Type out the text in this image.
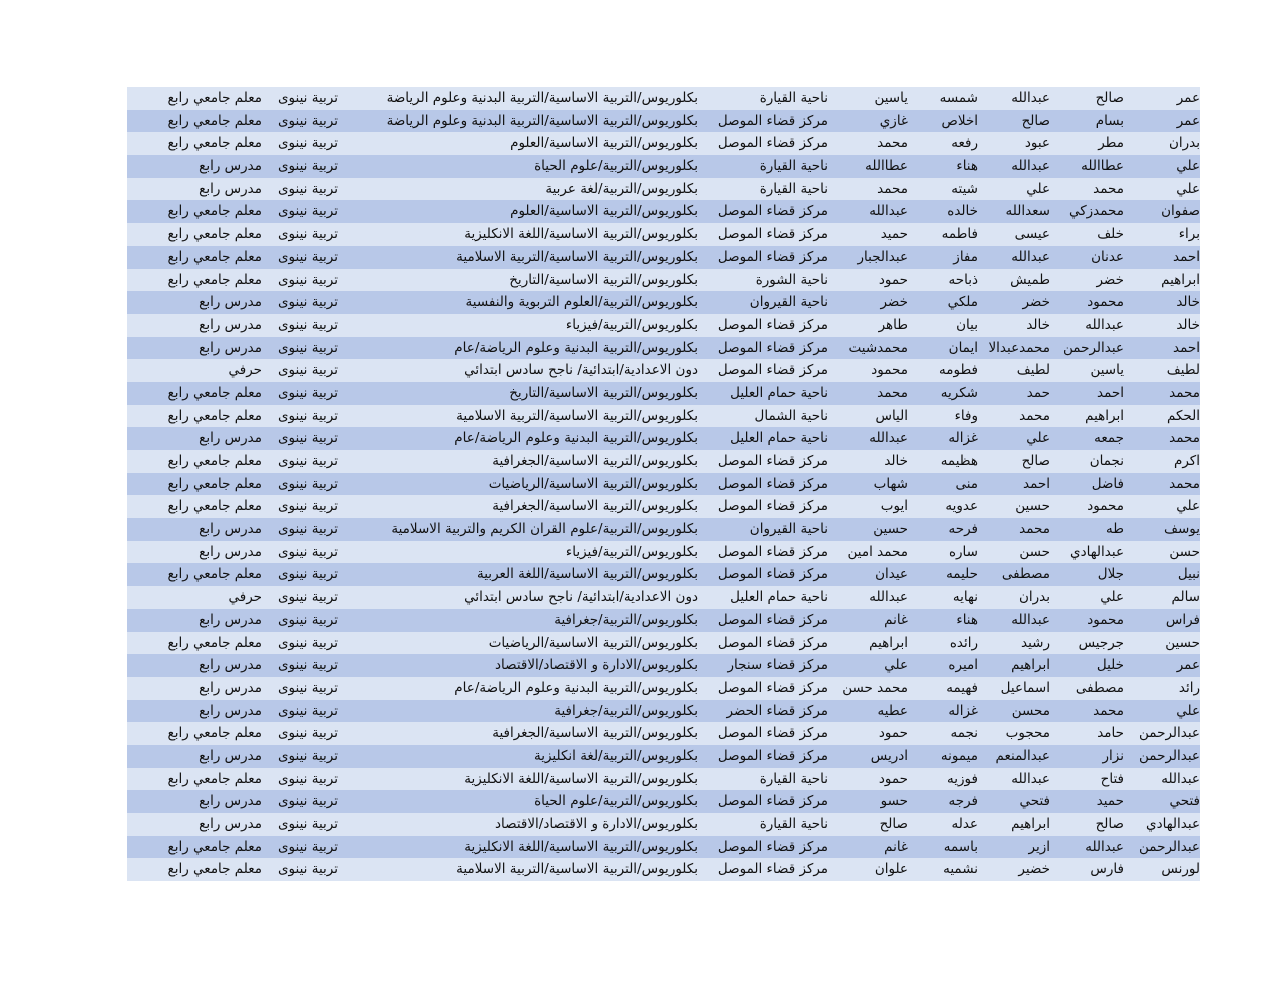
عمر
صالح
عبدالله
شمسه
ياسين
ناحية القيارة
بكلوريوس/التربية الاساسية/التربية البدنية وعلوم الرياضة
تربية نينوى
معلم جامعي رابع
عمر
بسام
صالح
اخلاص
غازي
مركز قضاء الموصل
بكلوريوس/التربية الاساسية/التربية البدنية وعلوم الرياضة
تربية نينوى
معلم جامعي رابع
بدران
مطر
عبود
رفعه
محمد
مركز قضاء الموصل
بكلوريوس/التربية الاساسية/العلوم
تربية نينوى
معلم جامعي رابع
علي
عطاالله
عبدالله
هناء
عطاالله
ناحية القيارة
بكلوريوس/التربية/علوم الحياة
تربية نينوى
مدرس رابع
علي
محمد
علي
شيته
محمد
ناحية القيارة
بكلوريوس/التربية/لغة عربية
تربية نينوى
مدرس رابع
صفوان
محمدزكي
سعدالله
خالده
عبدالله
مركز قضاء الموصل
بكلوريوس/التربية الاساسية/العلوم
تربية نينوى
معلم جامعي رابع
براء
خلف
عيسى
فاطمه
حميد
مركز قضاء الموصل
بكلوريوس/التربية الاساسية/اللغة الانكليزية
تربية نينوى
معلم جامعي رابع
احمد
عدنان
عبدالله
مفاز
عبدالجبار
مركز قضاء الموصل
بكلوريوس/التربية الاساسية/التربية الاسلامية
تربية نينوى
معلم جامعي رابع
ابراهيم
خضر
طميش
ذباحه
حمود
ناحية الشورة
بكلوريوس/التربية الاساسية/التاريخ
تربية نينوى
معلم جامعي رابع
خالد
محمود
خضر
ملكي
خضر
ناحية القيروان
بكلوريوس/التربية/العلوم التربوية والنفسية
تربية نينوى
مدرس رابع
خالد
عبدالله
خالد
بيان
طاهر
مركز قضاء الموصل
بكلوريوس/التربية/فيزياء
تربية نينوى
مدرس رابع
احمد
عبدالرحمن
محمدعبدالا
ايمان
محمدشيت
مركز قضاء الموصل
بكلوريوس/التربية البدنية وعلوم الرياضة/عام
تربية نينوى
مدرس رابع
لطيف
ياسين
لطيف
فطومه
محمود
مركز قضاء الموصل
دون الاعدادية/ابتدائية/ ناجح سادس ابتدائي
تربية نينوى
حرفي
محمد
احمد
حمد
شكريه
محمد
ناحية حمام العليل
بكلوريوس/التربية الاساسية/التاريخ
تربية نينوى
معلم جامعي رابع
الحكم
ابراهيم
محمد
وفاء
الياس
ناحية الشمال
بكلوريوس/التربية الاساسية/التربية الاسلامية
تربية نينوى
معلم جامعي رابع
محمد
جمعه
علي
غزاله
عبدالله
ناحية حمام العليل
بكلوريوس/التربية البدنية وعلوم الرياضة/عام
تربية نينوى
مدرس رابع
اكرم
نجمان
صالح
هظيمه
خالد
مركز قضاء الموصل
بكلوريوس/التربية الاساسية/الجغرافية
تربية نينوى
معلم جامعي رابع
محمد
فاضل
احمد
منى
شهاب
مركز قضاء الموصل
بكلوريوس/التربية الاساسية/الرياضيات
تربية نينوى
معلم جامعي رابع
علي
محمود
حسين
عدويه
ايوب
مركز قضاء الموصل
بكلوريوس/التربية الاساسية/الجغرافية
تربية نينوى
معلم جامعي رابع
يوسف
طه
محمد
فرحه
حسين
ناحية القيروان
بكلوريوس/التربية/علوم القران الكريم والتربية الاسلامية
تربية نينوى
مدرس رابع
حسن
عبدالهادي
حسن
ساره
محمد امين
مركز قضاء الموصل
بكلوريوس/التربية/فيزياء
تربية نينوى
مدرس رابع
نبيل
جلال
مصطفى
حليمه
عيدان
مركز قضاء الموصل
بكلوريوس/التربية الاساسية/اللغة العربية
تربية نينوى
معلم جامعي رابع
سالم
علي
بدران
نهايه
عبدالله
ناحية حمام العليل
دون الاعدادية/ابتدائية/ ناجح سادس ابتدائي
تربية نينوى
حرفي
فراس
محمود
عبدالله
هناء
غانم
مركز قضاء الموصل
بكلوريوس/التربية/جغرافية
تربية نينوى
مدرس رابع
حسين
جرجيس
رشيد
رائده
ابراهيم
مركز قضاء الموصل
بكلوريوس/التربية الاساسية/الرياضيات
تربية نينوى
معلم جامعي رابع
عمر
خليل
ابراهيم
اميره
علي
مركز قضاء سنجار
بكلوريوس/الادارة و الاقتصاد/الاقتصاد
تربية نينوى
مدرس رابع
رائد
مصطفى
اسماعيل
فهيمه
محمد حسن
مركز قضاء الموصل
بكلوريوس/التربية البدنية وعلوم الرياضة/عام
تربية نينوى
مدرس رابع
علي
محمد
محسن
غزاله
عطيه
مركز قضاء الحضر
بكلوريوس/التربية/جغرافية
تربية نينوى
مدرس رابع
عبدالرحمن
حامد
محجوب
نجمه
حمود
مركز قضاء الموصل
بكلوريوس/التربية الاساسية/الجغرافية
تربية نينوى
معلم جامعي رابع
عبدالرحمن
نزار
عبدالمنعم
ميمونه
ادريس
مركز قضاء الموصل
بكلوريوس/التربية/لغة انكليزية
تربية نينوى
مدرس رابع
عبدالله
فتاح
عبدالله
فوزيه
حمود
ناحية القيارة
بكلوريوس/التربية الاساسية/اللغة الانكليزية
تربية نينوى
معلم جامعي رابع
فتحي
حميد
فتحي
فرجه
حسو
مركز قضاء الموصل
بكلوريوس/التربية/علوم الحياة
تربية نينوى
مدرس رابع
عبدالهادي
صالح
ابراهيم
عدله
صالح
ناحية القيارة
بكلوريوس/الادارة و الاقتصاد/الاقتصاد
تربية نينوى
مدرس رابع
عبدالرحمن
عبدالله
ازير
باسمه
غانم
مركز قضاء الموصل
بكلوريوس/التربية الاساسية/اللغة الانكليزية
تربية نينوى
معلم جامعي رابع
لورنس
فارس
خضير
نشميه
علوان
مركز قضاء الموصل
بكلوريوس/التربية الاساسية/التربية الاسلامية
تربية نينوى
معلم جامعي رابع
